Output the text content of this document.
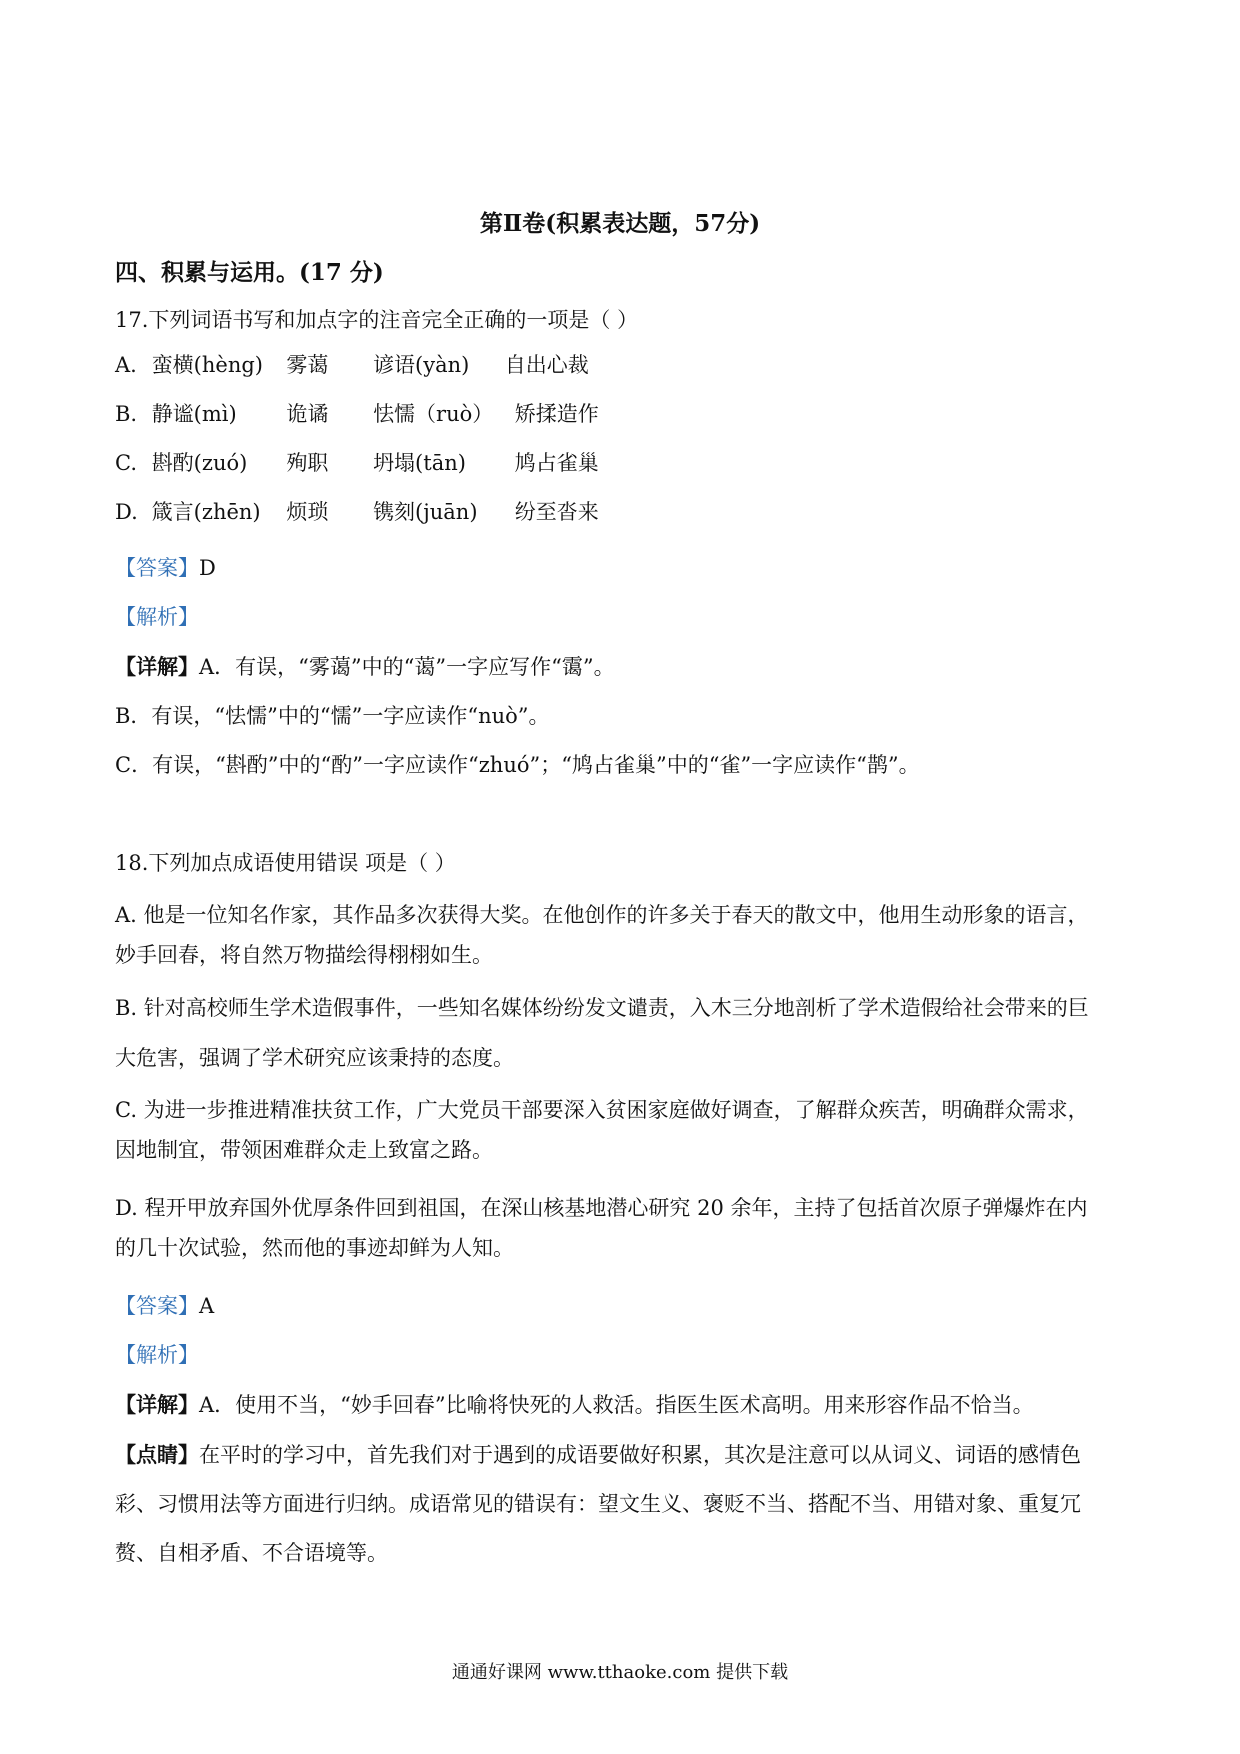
第Ⅱ卷(积累表达题，57分)
四、积累与运用。(17 分)
17.下列词语书写和加点字的注音完全正确的一项是（ ）
A. 蛮横(hèng) 雾蔼 谚语(yàn) 自出心裁
B. 静谧(mì) 诡谲 怯懦（ruò） 矫揉造作
C. 斟酌(zuó) 殉职 坍塌(tān) 鸠占雀巢
D. 箴言(zhēn) 烦琐 镌刻(juān) 纷至沓来
【答案】D
【解析】
【详解】A．有误，“雾蔼”中的“蔼”一字应写作“霭”。
B．有误，“怯懦”中的“懦”一字应读作“nuò”。
C．有误，“斟酌”中的“酌”一字应读作“zhuó”；“鸠占雀巢”中的“雀”一字应读作“鹊”。
18.下列加点成语使用错误 项是（ ）
A. 他是一位知名作家，其作品多次获得大奖。在他创作的许多关于春天的散文中，他用生动形象的语言，
妙手回春，将自然万物描绘得栩栩如生。
B. 针对高校师生学术造假事件，一些知名媒体纷纷发文谴责，入木三分地剖析了学术造假给社会带来的巨
大危害，强调了学术研究应该秉持的态度。
C. 为进一步推进精准扶贫工作，广大党员干部要深入贫困家庭做好调查，了解群众疾苦，明确群众需求，
因地制宜，带领困难群众走上致富之路。
D. 程开甲放弃国外优厚条件回到祖国，在深山核基地潜心研究 20 余年，主持了包括首次原子弹爆炸在内
的几十次试验，然而他的事迹却鲜为人知。
【答案】A
【解析】
【详解】A．使用不当，“妙手回春”比喻将快死的人救活。指医生医术高明。用来形容作品不恰当。
【点睛】在平时的学习中，首先我们对于遇到的成语要做好积累，其次是注意可以从词义、词语的感情色
彩、习惯用法等方面进行归纳。成语常见的错误有：望文生义、褒贬不当、搭配不当、用错对象、重复冗
赘、自相矛盾、不合语境等。
通通好课网 www.tthaoke.com 提供下载
